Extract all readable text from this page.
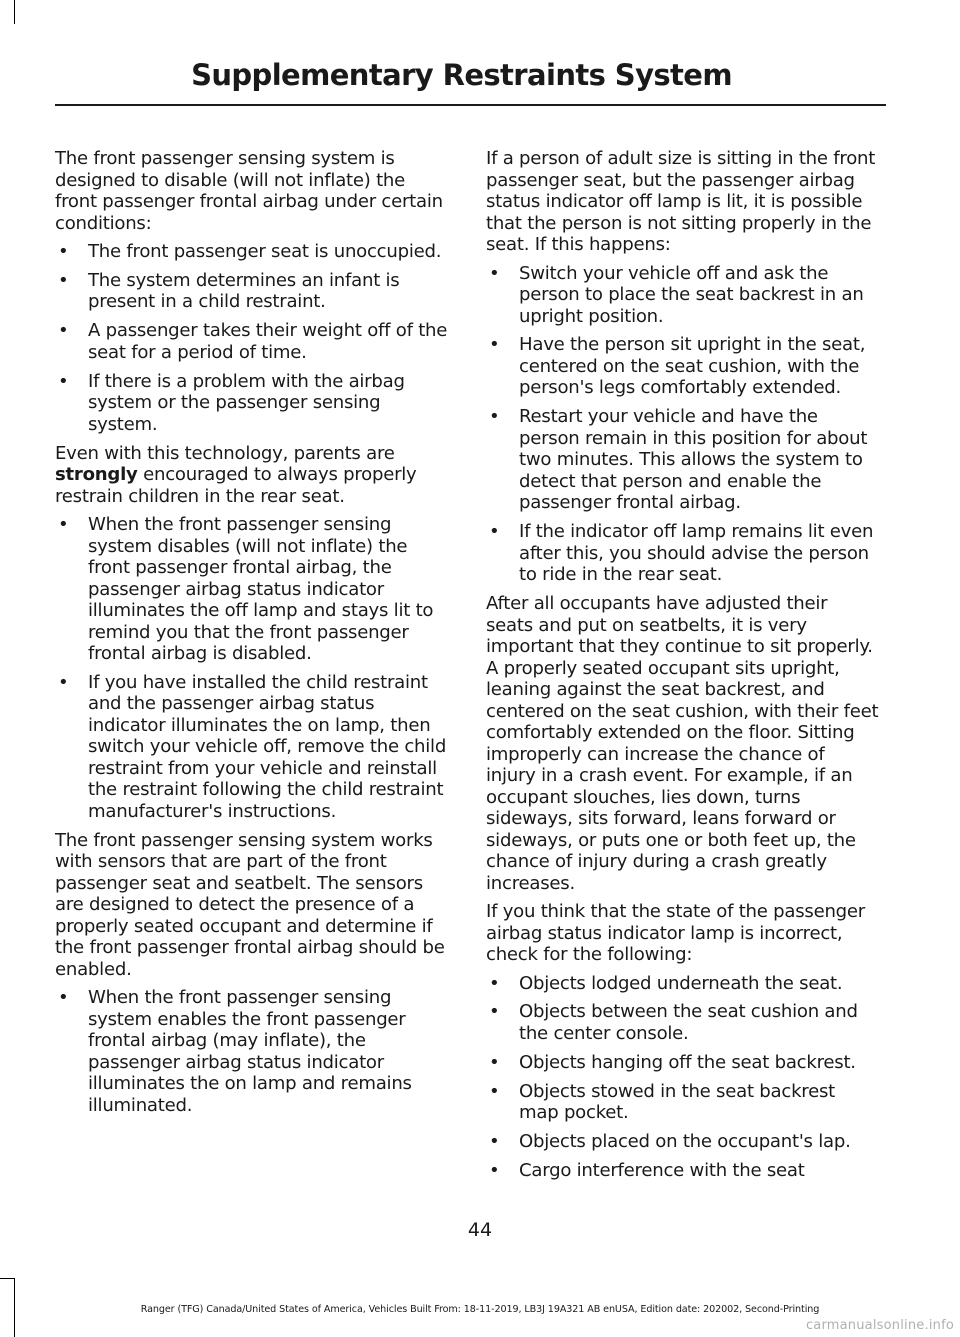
Supplementary Restraints System

The front passenger sensing system is designed to disable (will not inflate) the front passenger frontal airbag under certain conditions:

• The front passenger seat is unoccupied.
• The system determines an infant is present in a child restraint.
• A passenger takes their weight off of the seat for a period of time.
• If there is a problem with the airbag system or the passenger sensing system.

Even with this technology, parents are strongly encouraged to always properly restrain children in the rear seat.

• When the front passenger sensing system disables (will not inflate) the front passenger frontal airbag, the passenger airbag status indicator illuminates the off lamp and stays lit to remind you that the front passenger frontal airbag is disabled.
• If you have installed the child restraint and the passenger airbag status indicator illuminates the on lamp, then switch your vehicle off, remove the child restraint from your vehicle and reinstall the restraint following the child restraint manufacturer's instructions.

The front passenger sensing system works with sensors that are part of the front passenger seat and seatbelt. The sensors are designed to detect the presence of a properly seated occupant and determine if the front passenger frontal airbag should be enabled.

• When the front passenger sensing system enables the front passenger frontal airbag (may inflate), the passenger airbag status indicator illuminates the on lamp and remains illuminated.

If a person of adult size is sitting in the front passenger seat, but the passenger airbag status indicator off lamp is lit, it is possible that the person is not sitting properly in the seat. If this happens:

• Switch your vehicle off and ask the person to place the seat backrest in an upright position.
• Have the person sit upright in the seat, centered on the seat cushion, with the person's legs comfortably extended.
• Restart your vehicle and have the person remain in this position for about two minutes. This allows the system to detect that person and enable the passenger frontal airbag.
• If the indicator off lamp remains lit even after this, you should advise the person to ride in the rear seat.

After all occupants have adjusted their seats and put on seatbelts, it is very important that they continue to sit properly. A properly seated occupant sits upright, leaning against the seat backrest, and centered on the seat cushion, with their feet comfortably extended on the floor. Sitting improperly can increase the chance of injury in a crash event. For example, if an occupant slouches, lies down, turns sideways, sits forward, leans forward or sideways, or puts one or both feet up, the chance of injury during a crash greatly increases.

If you think that the state of the passenger airbag status indicator lamp is incorrect, check for the following:

• Objects lodged underneath the seat.
• Objects between the seat cushion and the center console.
• Objects hanging off the seat backrest.
• Objects stowed in the seat backrest map pocket.
• Objects placed on the occupant's lap.
• Cargo interference with the seat
44
Ranger (TFG) Canada/United States of America, Vehicles Built From: 18-11-2019, LB3J 19A321 AB enUSA, Edition date: 202002, Second-Printing
carmanualsonline.info
